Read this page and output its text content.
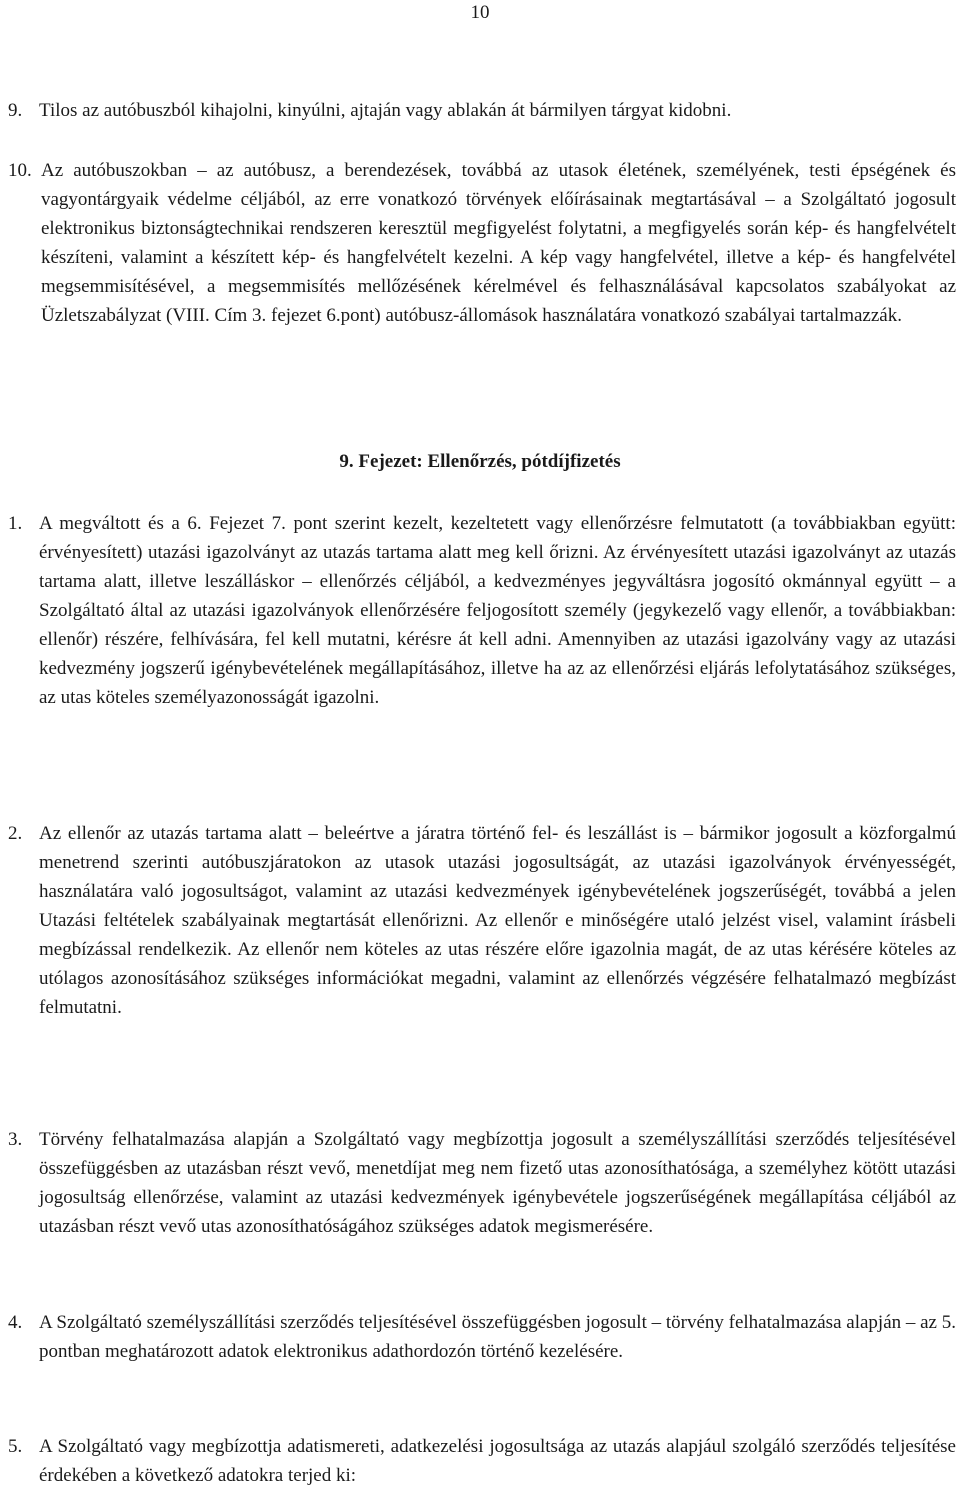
10
9. Tilos az autóbuszból kihajolni, kinyúlni, ajtaján vagy ablakán át bármilyen tárgyat kidobni.
10. Az autóbuszokban – az autóbusz, a berendezések, továbbá az utasok életének, személyének, testi épségének és vagyontárgyaik védelme céljából, az erre vonatkozó törvények előírásainak megtartásával – a Szolgáltató jogosult elektronikus biztonságtechnikai rendszeren keresztül megfigyelést folytatni, a megfigyelés során kép- és hangfelvételt készíteni, valamint a készített kép- és hangfelvételt kezelni. A kép vagy hangfelvétel, illetve a kép- és hangfelvétel megsemmisítésével, a megsemmisítés mellőzésének kérelmével és felhasználásával kapcsolatos szabályokat az Üzletszabályzat (VIII. Cím 3. fejezet 6.pont) autóbusz-állomások használatára vonatkozó szabályai tartalmazzák.
9. Fejezet: Ellenőrzés, pótdíjfizetés
1. A megváltott és a 6. Fejezet 7. pont szerint kezelt, kezeltetett vagy ellenőrzésre felmutatott (a továbbiakban együtt: érvényesített) utazási igazolványt az utazás tartama alatt meg kell őrizni. Az érvényesített utazási igazolványt az utazás tartama alatt, illetve leszálláskor – ellenőrzés céljából, a kedvezményes jegyváltásra jogosító okmánnyal együtt – a Szolgáltató által az utazási igazolványok ellenőrzésére feljogosított személy (jegykezelő vagy ellenőr, a továbbiakban: ellenőr) részére, felhívására, fel kell mutatni, kérésre át kell adni. Amennyiben az utazási igazolvány vagy az utazási kedvezmény jogszerű igénybevételének megállapításához, illetve ha az az ellenőrzési eljárás lefolytatásához szükséges, az utas köteles személyazonosságát igazolni.
2. Az ellenőr az utazás tartama alatt – beleértve a járatra történő fel- és leszállást is – bármikor jogosult a közforgalmú menetrend szerinti autóbuszjáratokon az utasok utazási jogosultságát, az utazási igazolványok érvényességét, használatára való jogosultságot, valamint az utazási kedvezmények igénybevételének jogszerűségét, továbbá a jelen Utazási feltételek szabályainak megtartását ellenőrizni. Az ellenőr e minőségére utaló jelzést visel, valamint írásbeli megbízással rendelkezik. Az ellenőr nem köteles az utas részére előre igazolnia magát, de az utas kérésére köteles az utólagos azonosításához szükséges információkat megadni, valamint az ellenőrzés végzésére felhatalmazó megbízást felmutatni.
3. Törvény felhatalmazása alapján a Szolgáltató vagy megbízottja jogosult a személyszállítási szerződés teljesítésével összefüggésben az utazásban részt vevő, menetdíjat meg nem fizető utas azonosíthatósága, a személyhez kötött utazási jogosultság ellenőrzése, valamint az utazási kedvezmények igénybevétele jogszerűségének megállapítása céljából az utazásban részt vevő utas azonosíthatóságához szükséges adatok megismerésére.
4. A Szolgáltató személyszállítási szerződés teljesítésével összefüggésben jogosult – törvény felhatalmazása alapján – az 5. pontban meghatározott adatok elektronikus adathordozón történő kezelésére.
5. A Szolgáltató vagy megbízottja adatismereti, adatkezelési jogosultsága az utazás alapjául szolgáló szerződés teljesítése érdekében a következő adatokra terjed ki:
